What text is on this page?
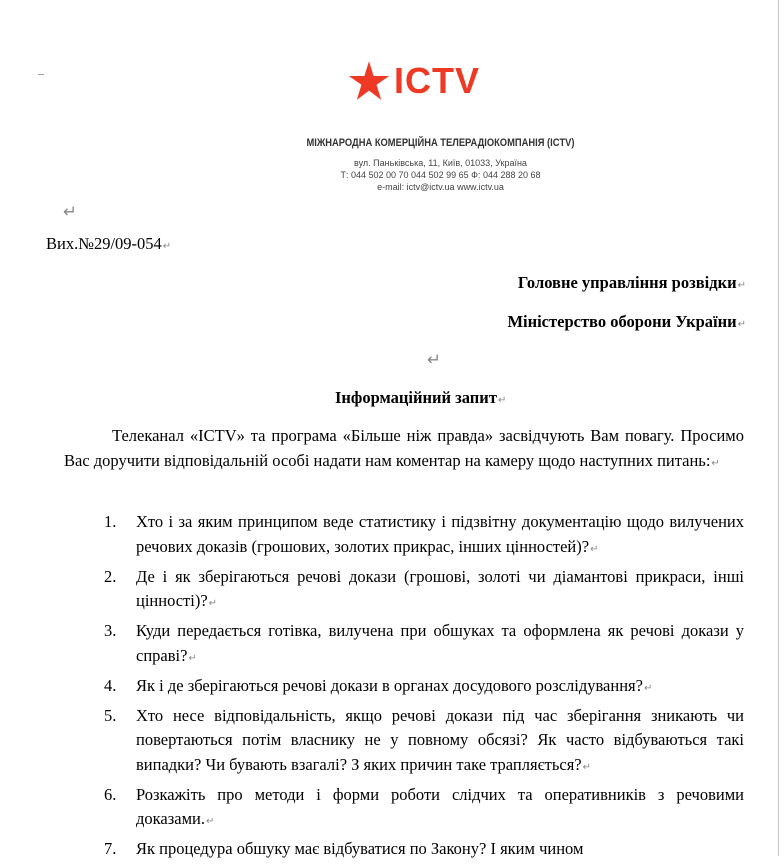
ICTV
МІЖНАРОДНА КОМЕРЦІЙНА ТЕЛЕРАДІОКОМПАНІЯ (ICTV)
вул. Паньківська, 11, Київ, 01033, Україна
Т: 044 502 00 70 044 502 99 65 Ф: 044 288 20 68
e-mail: ictv@ictv.ua www.ictv.ua
↵
Вих.№29/09-054↵
Головне управління розвідки↵
Міністерство оборони України↵
↵
Інформаційний запит↵
Телеканал «ICTV» та програма «Більше ніж правда» засвідчують Вам повагу. Просимо Вас доручити відповідальній особі надати нам коментар на камеру щодо наступних питань:↵
1. Хто і за яким принципом веде статистику і підзвітну документацію щодо вилучених речових доказів (грошових, золотих прикрас, інших цінностей)?↵
2. Де і як зберігаються речові докази (грошові, золоті чи діамантові прикраси, інші цінності)?↵
3. Куди передається готівка, вилучена при обшуках та оформлена як речові докази у справі?↵
4. Як і де зберігаються речові докази в органах досудового розслідування?↵
5. Хто несе відповідальність, якщо речові докази під час зберігання зникають чи повертаються потім власнику не у повному обсязі? Як часто відбуваються такі випадки? Чи бувають взагалі? З яких причин таке трапляється?↵
6. Розкажіть про методи і форми роботи слідчих та оперативників з речовими доказами.↵
7. Як процедура обшуку має відбуватися по Закону? І яким чином
